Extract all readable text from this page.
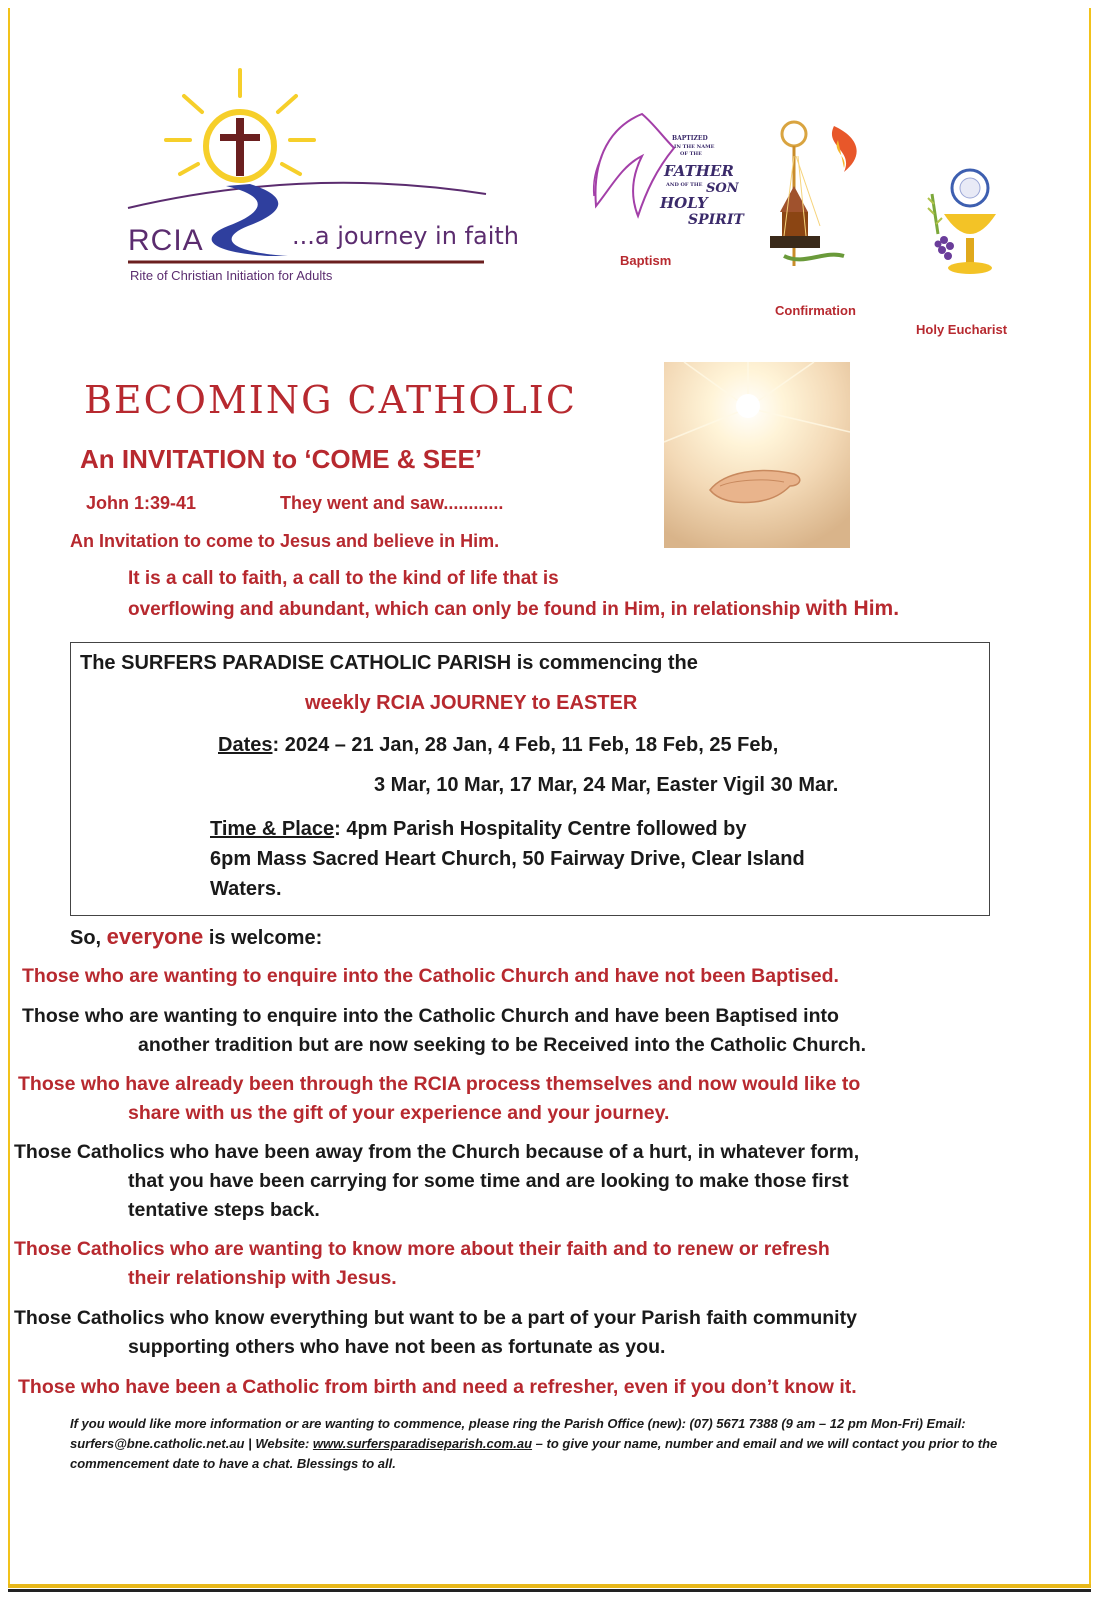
RCIA	...a journey in faith
Rite of Christian Initiation for Adults
BAPTIZED
IN THE NAME
OF THE
FATHER
SON
AND OF THE
HOLY
SPIRIT
Baptism
Confirmation
Holy Eucharist
BECOMING CATHOLIC
An INVITATION to ‘COME & SEE’
John 1:39-41	They went and saw............
An Invitation to come to Jesus and believe in Him.
It is a call to faith, a call to the kind of life that is
overflowing and abundant, which can only be found in Him, in relationship with Him.
The SURFERS PARADISE CATHOLIC PARISH is commencing the
weekly RCIA JOURNEY to EASTER
Dates: 2024 – 21 Jan, 28 Jan, 4 Feb, 11 Feb, 18 Feb, 25 Feb,
3 Mar, 10 Mar, 17 Mar, 24 Mar, Easter Vigil 30 Mar.
Time & Place: 4pm Parish Hospitality Centre followed by
6pm Mass Sacred Heart Church, 50 Fairway Drive, Clear Island
Waters.
So, everyone is welcome:
Those who are wanting to enquire into the Catholic Church and have not been Baptised.
Those who are wanting to enquire into the Catholic Church and have been Baptised into
another tradition but are now seeking to be Received into the Catholic Church.
Those who have already been through the RCIA process themselves and now would like to
share with us the gift of your experience and your journey.
Those Catholics who have been away from the Church because of a hurt, in whatever form,
that you have been carrying for some time and are looking to make those first
tentative steps back.
Those Catholics who are wanting to know more about their faith and to renew or refresh
their relationship with Jesus.
Those Catholics who know everything but want to be a part of your Parish faith community
supporting others who have not been as fortunate as you.
Those who have been a Catholic from birth and need a refresher, even if you don’t know it.
If you would like more information or are wanting to commence, please ring the Parish Office (new): (07) 5671 7388 (9 am – 12 pm Mon-Fri) Email: surfers@bne.catholic.net.au | Website: www.surfersparadiseparish.com.au – to give your name, number and email and we will contact you prior to the commencement date to have a chat. Blessings to all.
